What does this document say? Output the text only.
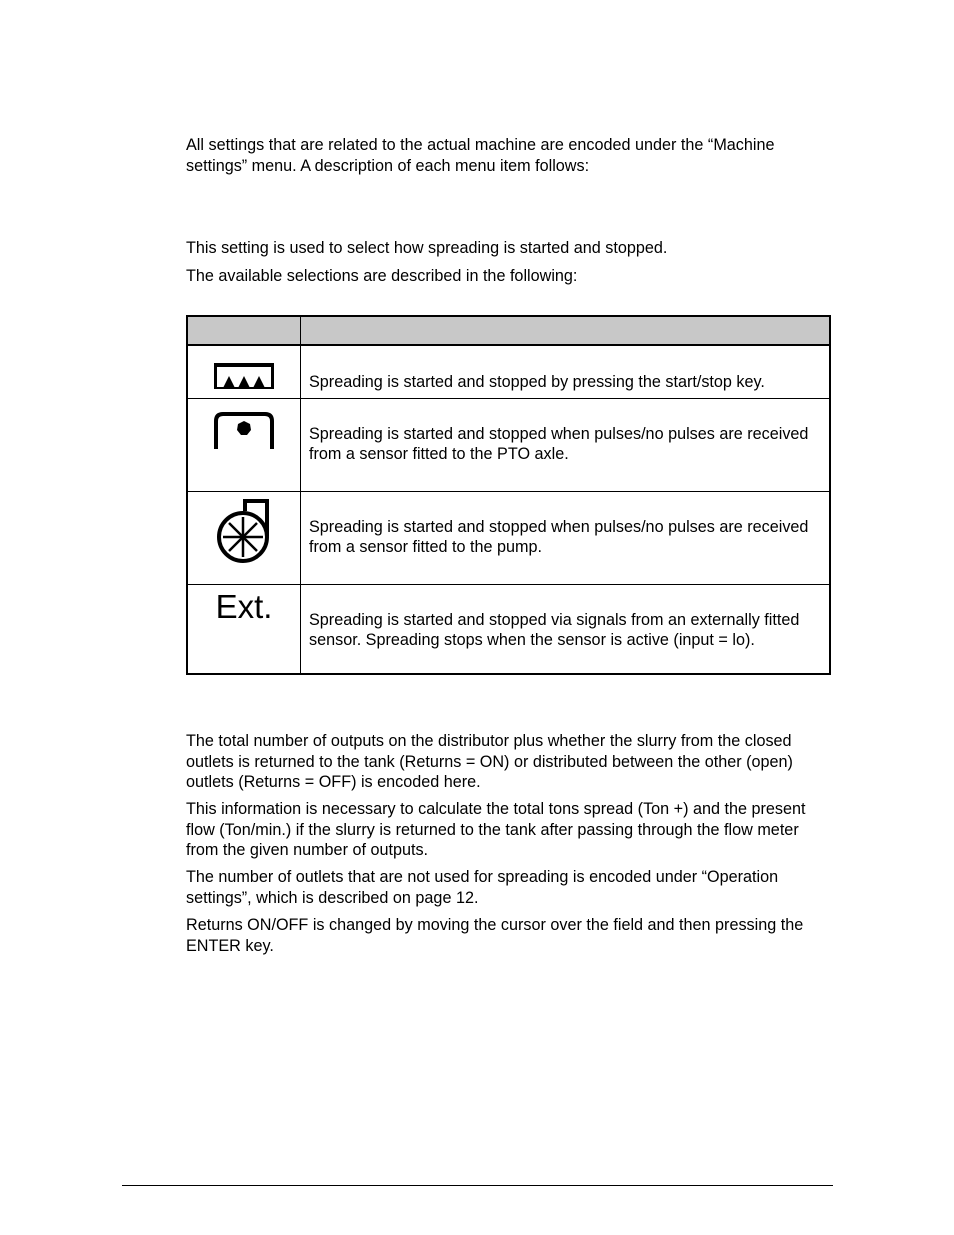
All settings that are related to the actual machine are encoded under the “Machine settings” menu. A description of each menu item follows:

This setting is used to select how spreading is started and stopped.

The available selections are described in the following:

Spreading is started and stopped by pressing the start/stop key.

Spreading is started and stopped when pulses/no pulses are received from a sensor fitted to the PTO axle.

Spreading is started and stopped when pulses/no pulses are received from a sensor fitted to the pump.

Ext.	Spreading is started and stopped via signals from an externally fitted sensor. Spreading stops when the sensor is active (input = lo).

The total number of outputs on the distributor plus whether the slurry from the closed outlets is returned to the tank (Returns = ON) or distributed between the other (open) outlets (Returns = OFF) is encoded here.

This information is necessary to calculate the total tons spread (Ton +) and the present flow (Ton/min.) if the slurry is returned to the tank after passing through the flow meter from the given number of outputs.

The number of outlets that are not used for spreading is encoded under “Operation settings”, which is described on page 12.

Returns ON/OFF is changed by moving the cursor over the field and then pressing the ENTER key.
